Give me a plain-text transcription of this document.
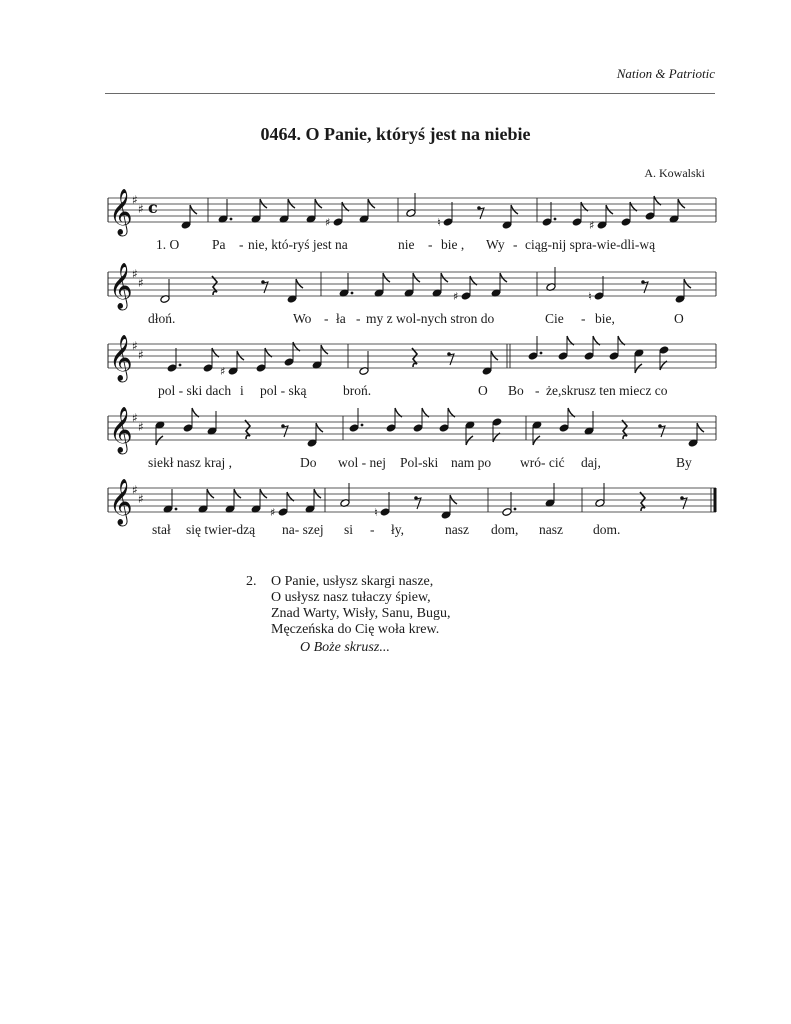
Nation & Patriotic
0464. O Panie, któryś jest na niebie
A. Kowalski
𝄞 ♯
♯ c
♯	♮	♯
𝄞 ♯
♯
♯	♮
𝄞 ♯
♯
♯
𝄞 ♯
♯
𝄞 ♯
♯
♯	♮
1. O Pa - nie, któ-ryś jest na	nie - bie , Wy - ciąg-nij spra-wie-dli-wą
dłoń.	Wo - ła - my z wol-nych stron do	Cie - bie,	O
pol - ski dach i pol - ską	broń.	O Bo - że,skrusz ten miecz co
siekł nasz kraj ,	Do wol - nej Pol-ski nam po wró- cić daj,	By
stał się twier-dzą na- szej si - ły,	nasz dom, nasz dom.
2. O Panie, usłysz skargi nasze,
O usłysz nasz tułaczy śpiew,
Znad Warty, Wisły, Sanu, Bugu,
Męczeńska do Cię woła krew.
O Boże skrusz...
